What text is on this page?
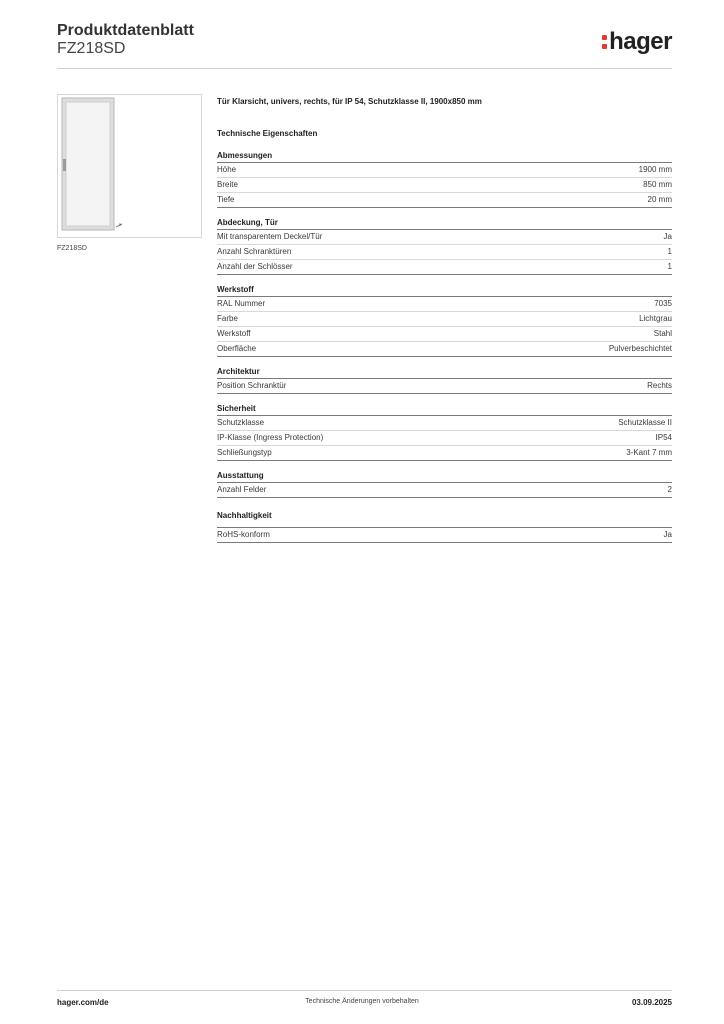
Produktdatenblatt
FZ218SD	hager
FZ218SD
Tür Klarsicht, univers, rechts, für IP 54, Schutzklasse II, 1900x850 mm
Technische Eigenschaften
Abmessungen
Höhe	1900 mm
Breite	850 mm
Tiefe	20 mm
Abdeckung, Tür
Mit transparentem Deckel/Tür	Ja
Anzahl Schranktüren	1
Anzahl der Schlösser	1
Werkstoff
RAL Nummer	7035
Farbe	Lichtgrau
Werkstoff	Stahl
Oberfläche	Pulverbeschichtet
Architektur
Position Schranktür	Rechts
Sicherheit
Schutzklasse	Schutzklasse II
IP-Klasse (Ingress Protection)	IP54
Schließungstyp	3-Kant 7 mm
Ausstattung
Anzahl Felder	2
Nachhaltigkeit
RoHS-konform	Ja
hager.com/de	Technische Änderungen vorbehalten	03.09.2025
